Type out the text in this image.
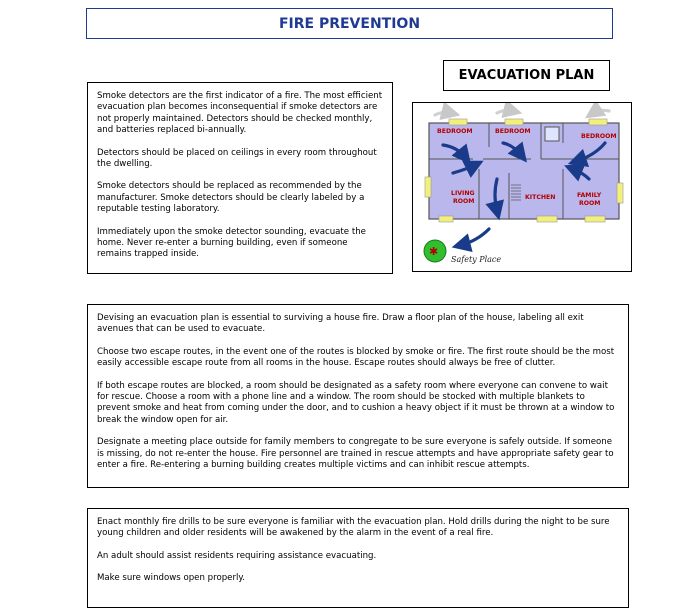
FIRE PREVENTION
EVACUATION PLAN

Smoke detectors are the first indicator of a fire. The most efficient evacuation plan becomes inconsequential if smoke detectors are not properly maintained. Detectors should be checked monthly, and batteries replaced bi-annually.

Detectors should be placed on ceilings in every room throughout the dwelling.

Smoke detectors should be replaced as recommended by the manufacturer. Smoke detectors should be clearly labeled by a reputable testing laboratory.

Immediately upon the smoke detector sounding, evacuate the home. Never re-enter a burning building, even if someone remains trapped inside.

BEDROOM	BEDROOM
BEDROOM
LIVING
ROOM
KITCHEN	FAMILY
ROOM
✱
Safety Place

Devising an evacuation plan is essential to surviving a house fire. Draw a floor plan of the house, labeling all exit avenues that can be used to evacuate.

Choose two escape routes, in the event one of the routes is blocked by smoke or fire. The first route should be the most easily accessible escape route from all rooms in the house. Escape routes should always be free of clutter.

If both escape routes are blocked, a room should be designated as a safety room where everyone can convene to wait for rescue. Choose a room with a phone line and a window. The room should be stocked with multiple blankets to prevent smoke and heat from coming under the door, and to cushion a heavy object if it must be thrown at a window to break the window open for air.

Designate a meeting place outside for family members to congregate to be sure everyone is safely outside. If someone is missing, do not re-enter the house. Fire personnel are trained in rescue attempts and have appropriate safety gear to enter a fire. Re-entering a burning building creates multiple victims and can inhibit rescue attempts.

Enact monthly fire drills to be sure everyone is familiar with the evacuation plan. Hold drills during the night to be sure young children and older residents will be awakened by the alarm in the event of a real fire.

An adult should assist residents requiring assistance evacuating.

Make sure windows open properly.
